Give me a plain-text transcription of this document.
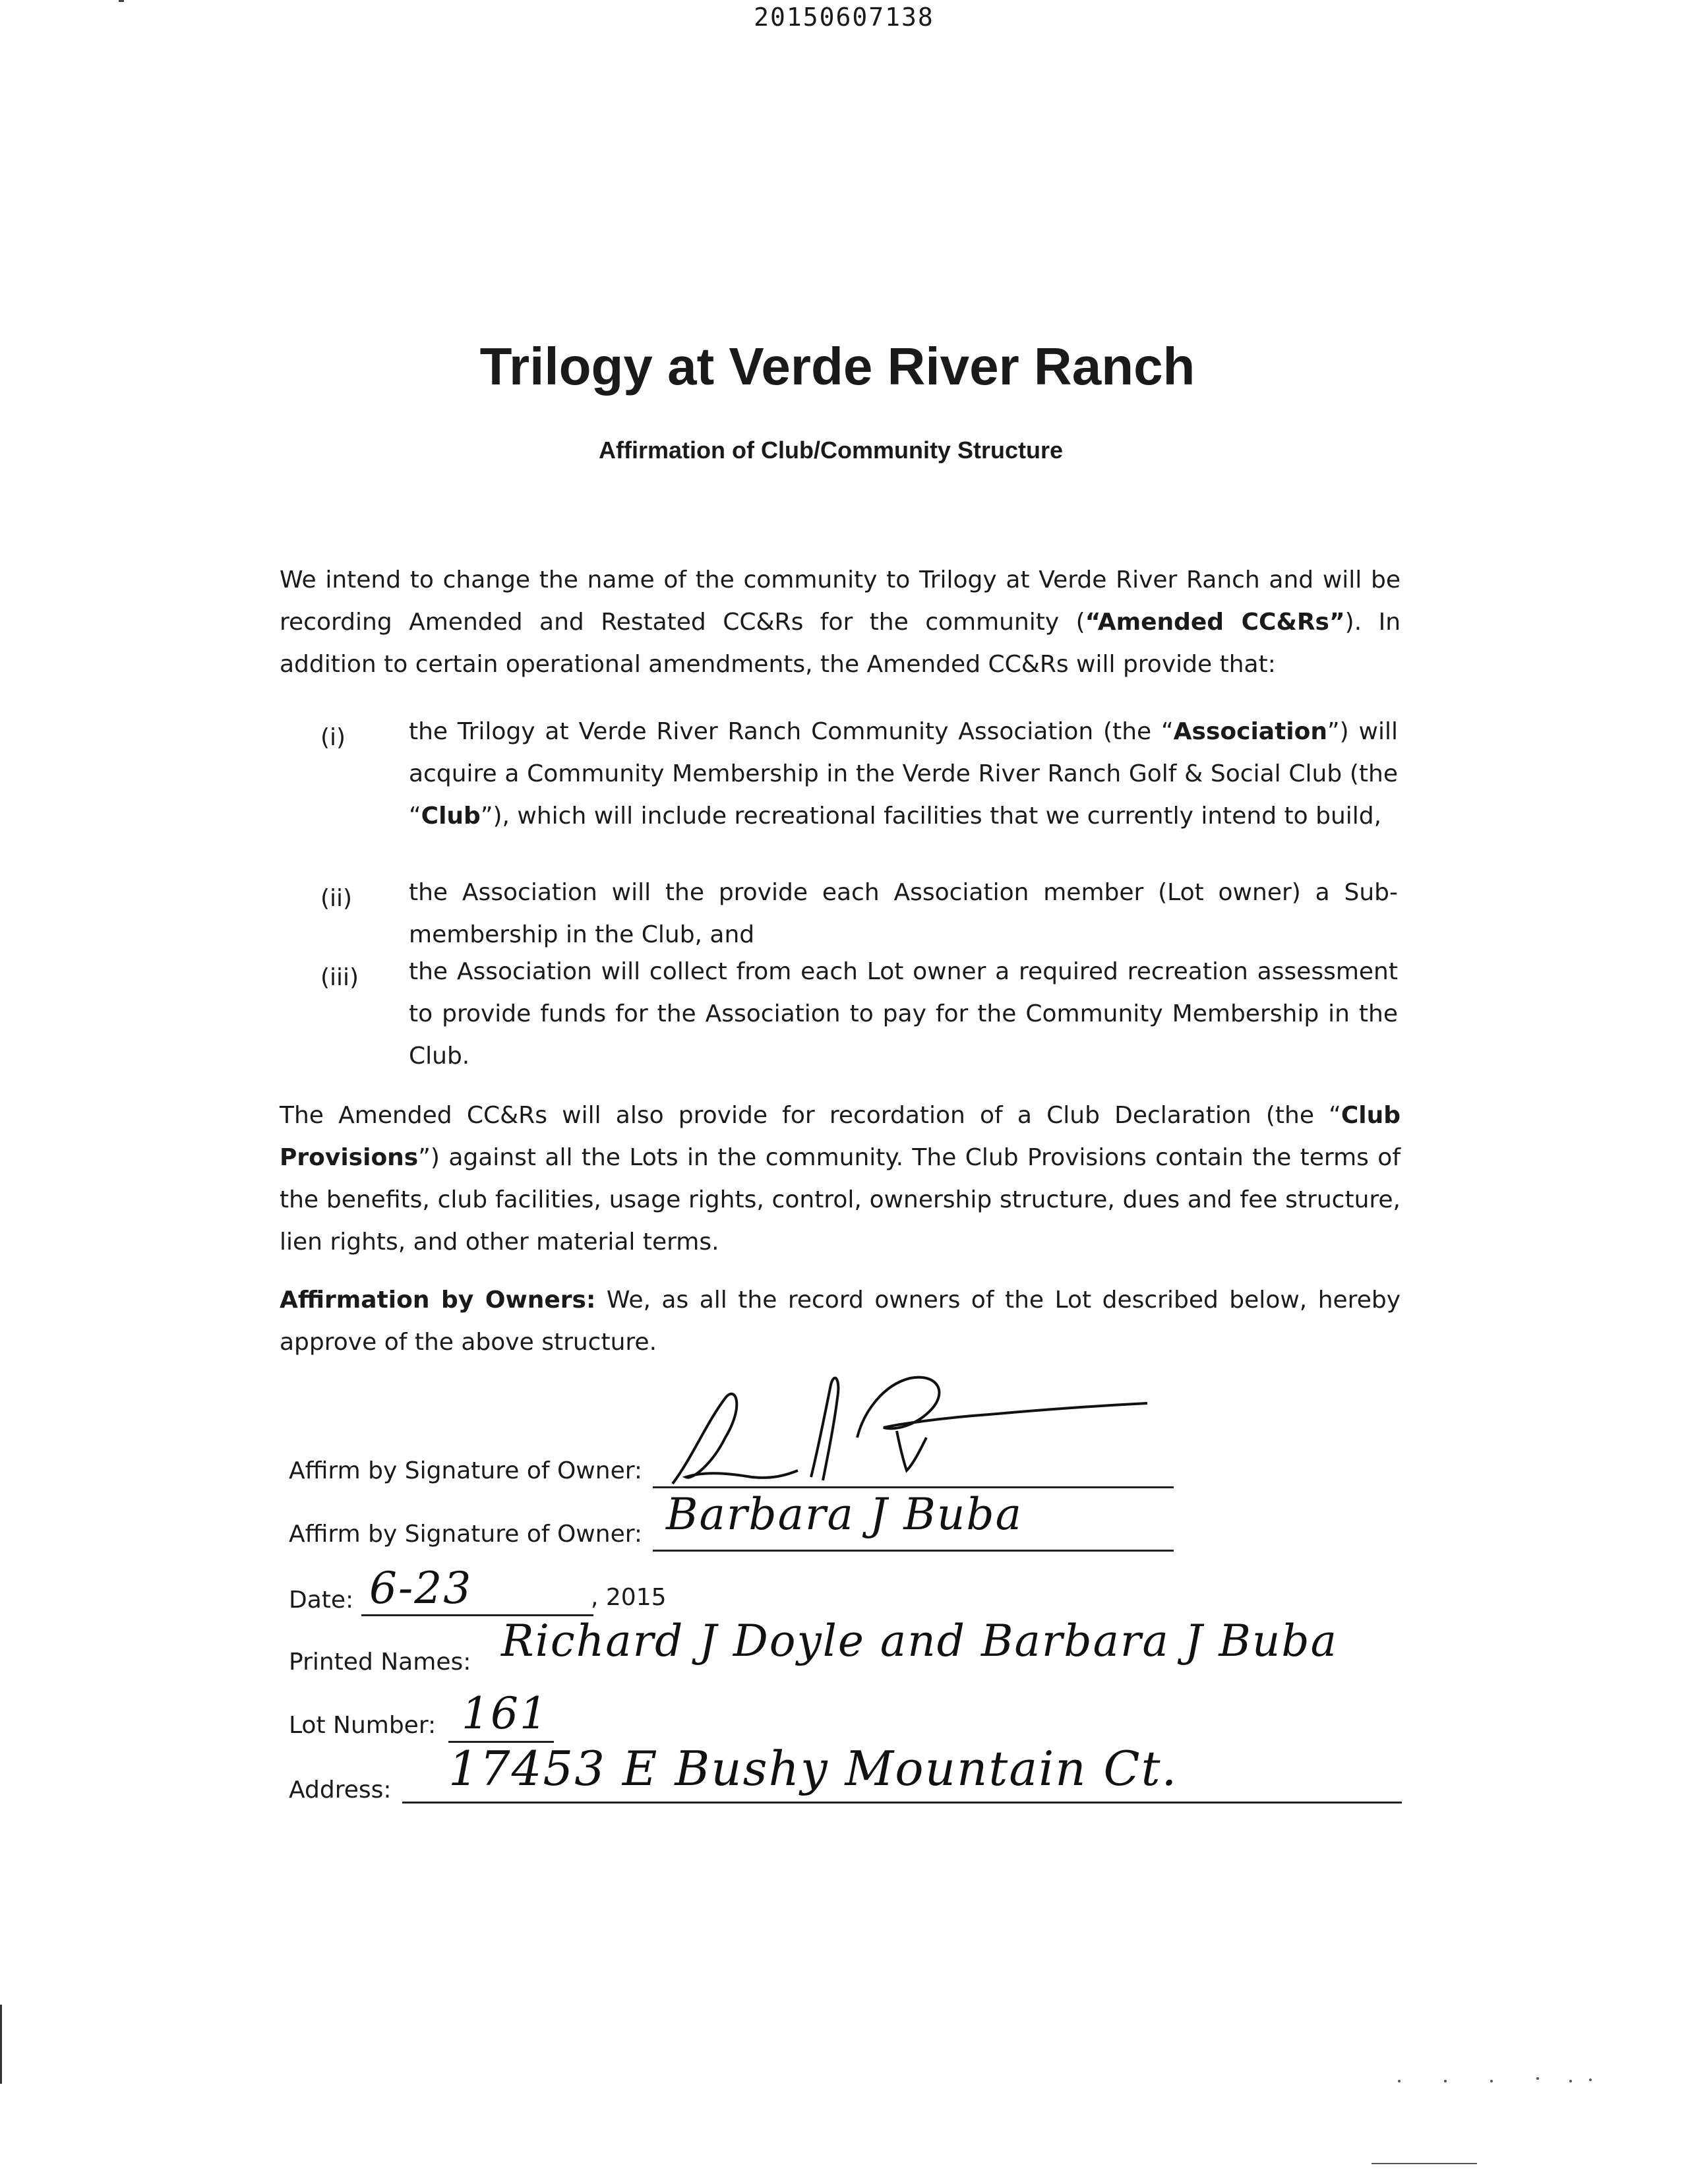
20150607138
Trilogy at Verde River Ranch
Affirmation of Club/Community Structure
We intend to change the name of the community to Trilogy at Verde River Ranch and will be recording Amended and Restated CC&Rs for the community (“Amended CC&Rs”). In addition to certain operational amendments, the Amended CC&Rs will provide that:
(i)	the Trilogy at Verde River Ranch Community Association (the “Association”) will acquire a Community Membership in the Verde River Ranch Golf & Social Club (the “Club”), which will include recreational facilities that we currently intend to build,
(ii) the Association will the provide each Association member (Lot owner) a Sub-membership in the Club, and
(iii) the Association will collect from each Lot owner a required recreation assessment to provide funds for the Association to pay for the Community Membership in the Club.
The Amended CC&Rs will also provide for recordation of a Club Declaration (the “Club Provisions”) against all the Lots in the community. The Club Provisions contain the terms of the benefits, club facilities, usage rights, control, ownership structure, dues and fee structure, lien rights, and other material terms.
Affirmation by Owners: We, as all the record owners of the Lot described below, hereby approve of the above structure.
Affirm by Signature of Owner:
Affirm by Signature of Owner: Barbara J Buba
Date: 6-23	, 2015
Printed Names: Richard J Doyle and Barbara J Buba
Lot Number: 161
Address: 17453 E Bushy Mountain Ct.
